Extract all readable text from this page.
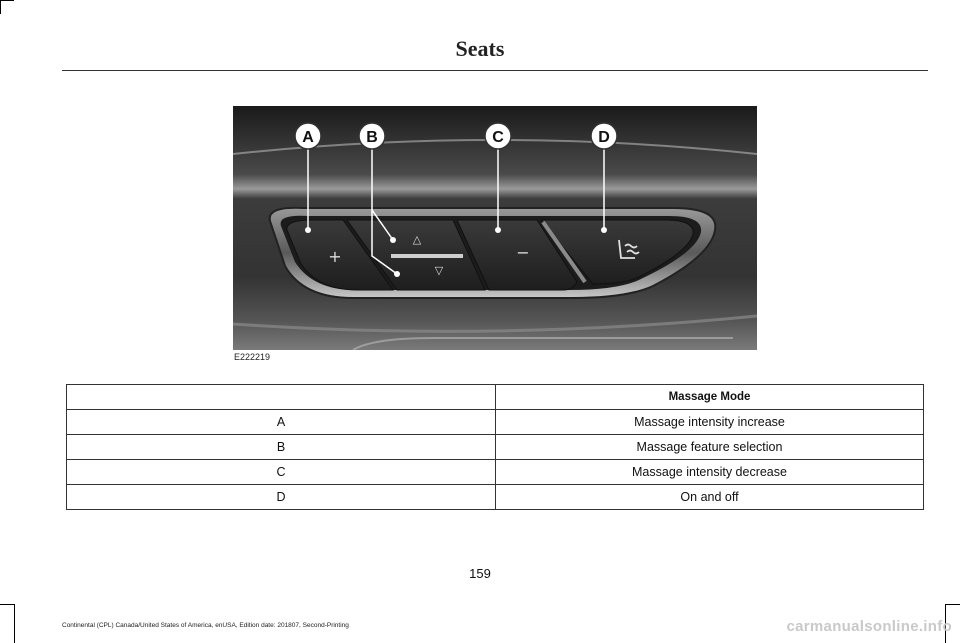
Seats
A	B	C	D
+
△
▽
−
E222219
	Massage Mode
A	Massage intensity increase
B	Massage feature selection
C	Massage intensity decrease
D	On and off
159
Continental (CPL) Canada/United States of America, enUSA, Edition date: 201807, Second-Printing	carmanualsonline.info
